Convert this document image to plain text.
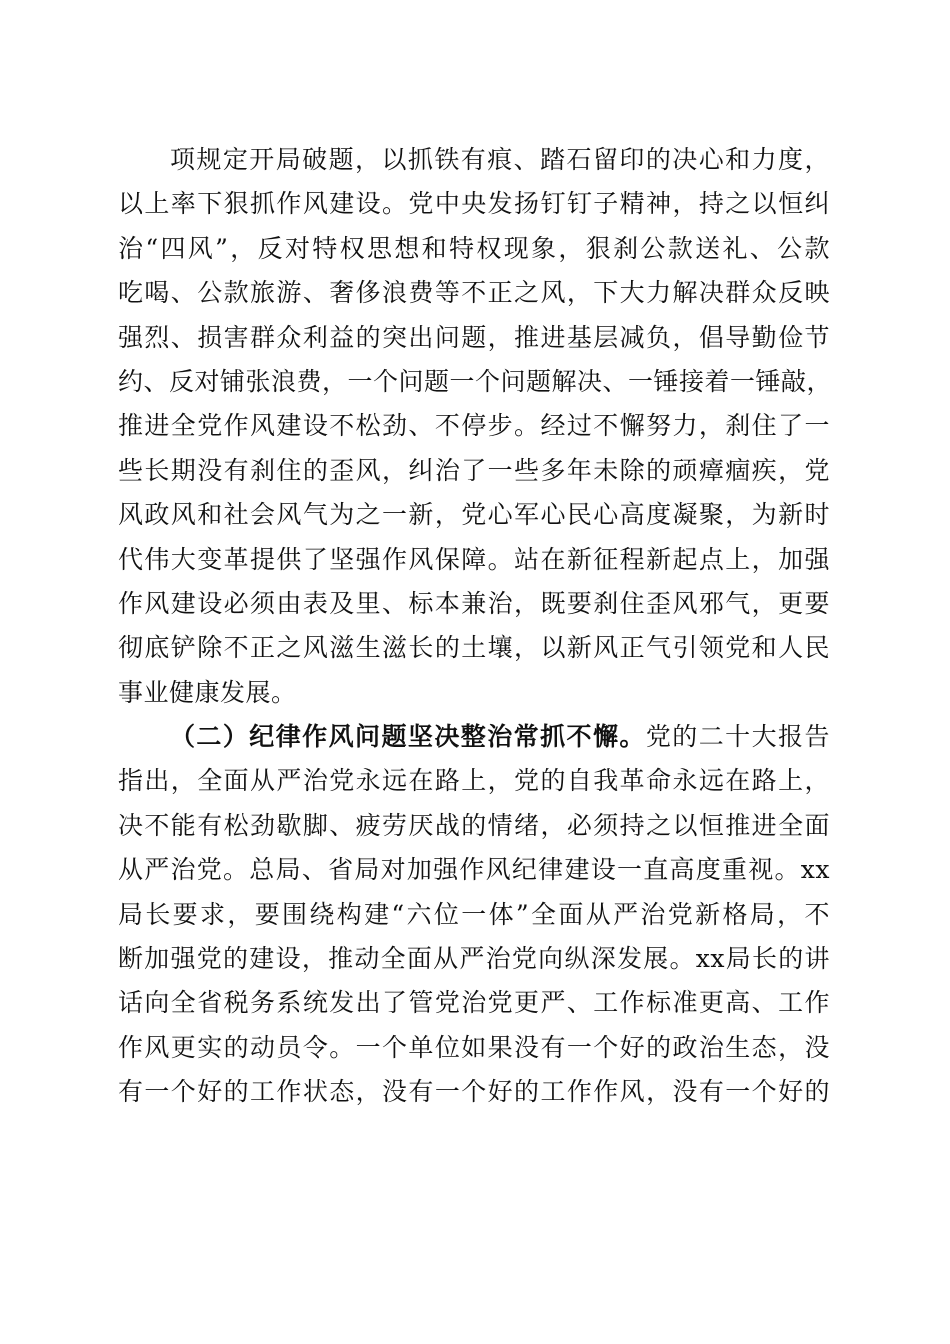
项规定开局破题，以抓铁有痕、踏石留印的决心和力度，
以上率下狠抓作风建设。党中央发扬钉钉子精神，持之以恒纠
治“四风”，反对特权思想和特权现象，狠刹公款送礼、公款
吃喝、公款旅游、奢侈浪费等不正之风，下大力解决群众反映
强烈、损害群众利益的突出问题，推进基层减负，倡导勤俭节
约、反对铺张浪费，一个问题一个问题解决、一锤接着一锤敲，
推进全党作风建设不松劲、不停步。经过不懈努力，刹住了一
些长期没有刹住的歪风，纠治了一些多年未除的顽瘴痼疾，党
风政风和社会风气为之一新，党心军心民心高度凝聚，为新时
代伟大变革提供了坚强作风保障。站在新征程新起点上，加强
作风建设必须由表及里、标本兼治，既要刹住歪风邪气，更要
彻底铲除不正之风滋生滋长的土壤，以新风正气引领党和人民
事业健康发展。
（二）纪律作风问题坚决整治常抓不懈。党的二十大报告
指出，全面从严治党永远在路上，党的自我革命永远在路上，
决不能有松劲歇脚、疲劳厌战的情绪，必须持之以恒推进全面
从严治党。总局、省局对加强作风纪律建设一直高度重视。xx
局长要求，要围绕构建“六位一体”全面从严治党新格局，不
断加强党的建设，推动全面从严治党向纵深发展。xx局长的讲
话向全省税务系统发出了管党治党更严、工作标准更高、工作
作风更实的动员令。一个单位如果没有一个好的政治生态，没
有一个好的工作状态，没有一个好的工作作风，没有一个好的
